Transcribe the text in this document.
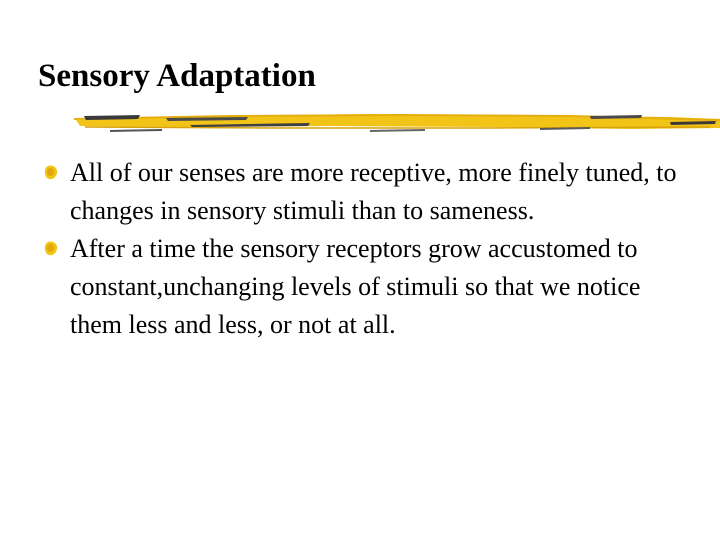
Sensory Adaptation
All of our senses are more receptive, more finely tuned, to changes in sensory stimuli than to sameness.
After a time the sensory receptors grow accustomed to constant,unchanging levels of stimuli so that we notice them less and less, or not at all.
